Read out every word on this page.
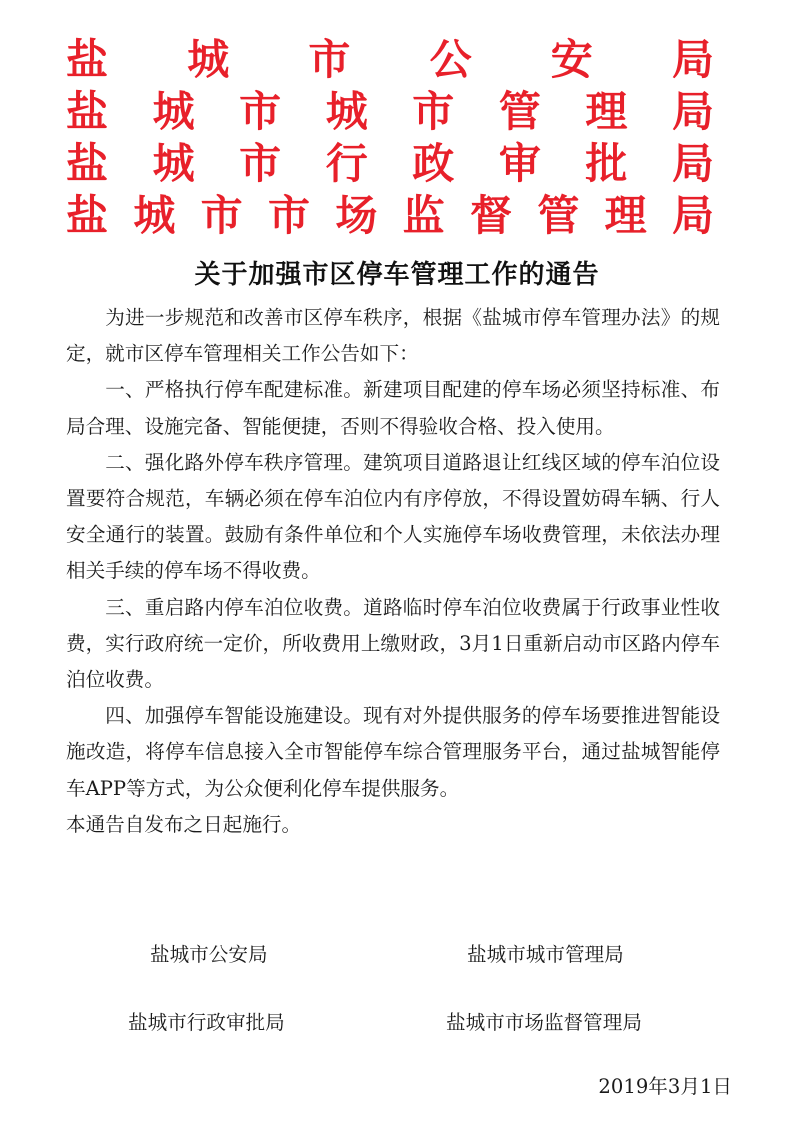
盐城市公安局
盐城市城市管理局
盐城市行政审批局
盐城市市场监督管理局
关于加强市区停车管理工作的通告

为进一步规范和改善市区停车秩序，根据《盐城市停车管理办法》的规定，就市区停车管理相关工作公告如下：

一、严格执行停车配建标准。新建项目配建的停车场必须坚持标准、布局合理、设施完备、智能便捷，否则不得验收合格、投入使用。

二、强化路外停车秩序管理。建筑项目道路退让红线区域的停车泊位设置要符合规范，车辆必须在停车泊位内有序停放，不得设置妨碍车辆、行人安全通行的装置。鼓励有条件单位和个人实施停车场收费管理，未依法办理相关手续的停车场不得收费。

三、重启路内停车泊位收费。道路临时停车泊位收费属于行政事业性收费，实行政府统一定价，所收费用上缴财政，3月1日重新启动市区路内停车泊位收费。

四、加强停车智能设施建设。现有对外提供服务的停车场要推进智能设施改造，将停车信息接入全市智能停车综合管理服务平台，通过盐城智能停车APP等方式，为公众便利化停车提供服务。

本通告自发布之日起施行。

盐城市公安局	盐城市城市管理局
盐城市行政审批局	盐城市市场监督管理局
2019年3月1日
